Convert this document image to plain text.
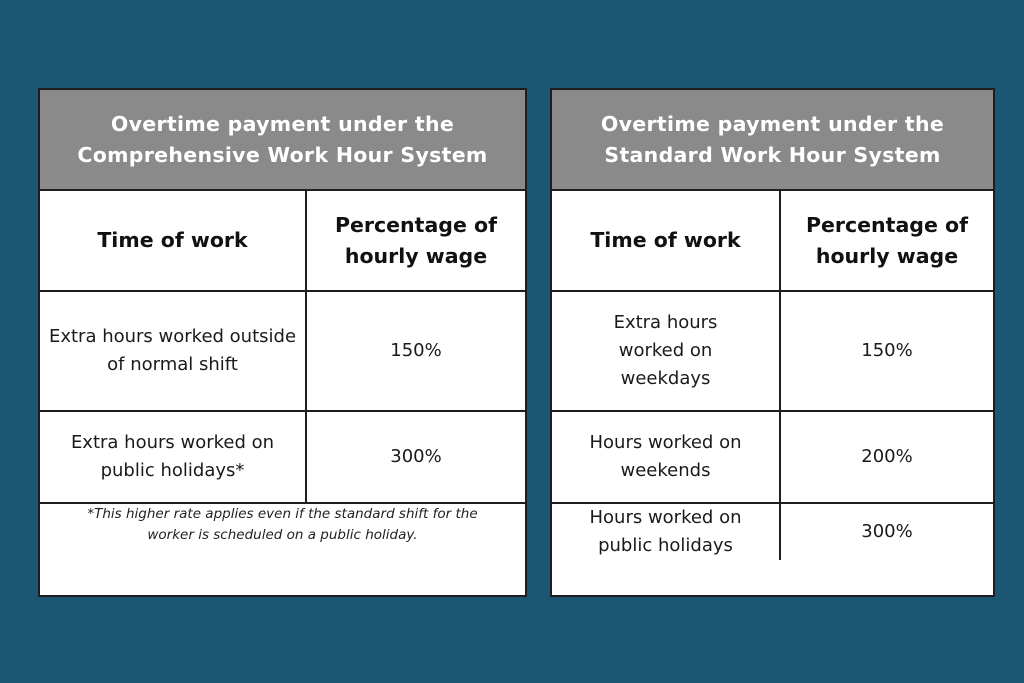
Overtime payment under the Comprehensive Work Hour System
Time of work
Percentage of hourly wage
Extra hours worked outside of normal shift
150%
Extra hours worked on public holidays*
300%
*This higher rate applies even if the standard shift for the worker is scheduled on a public holiday.
Overtime payment under the Standard Work Hour System
Time of work
Percentage of hourly wage
Extra hours worked on weekdays
150%
Hours worked on weekends
200%
Hours worked on public holidays
300%
